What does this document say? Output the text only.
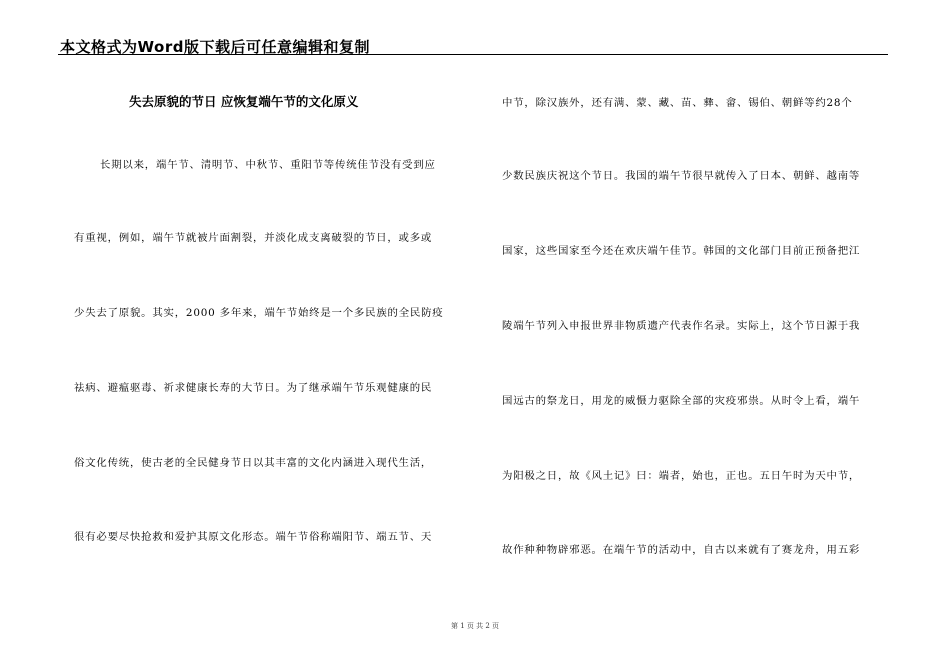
本文格式为Word版下载后可任意编辑和复制
失去原貌的节日 应恢复端午节的文化原义
长期以来，端午节、清明节、中秋节、重阳节等传统佳节没有受到应
有重视，例如，端午节就被片面割裂，并淡化成支离破裂的节日，或多或
少失去了原貌。其实，2000 多年来，端午节始终是一个多民族的全民防疫
祛病、避瘟驱毒、祈求健康长寿的大节日。为了继承端午节乐观健康的民
俗文化传统，使古老的全民健身节日以其丰富的文化内涵进入现代生活，
很有必要尽快抢救和爱护其原文化形态。端午节俗称端阳节、端五节、天
中节，除汉族外，还有满、蒙、藏、苗、彝、畲、锡伯、朝鲜等约28个
少数民族庆祝这个节日。我国的端午节很早就传入了日本、朝鲜、越南等
国家，这些国家至今还在欢庆端午佳节。韩国的文化部门目前正预备把江
陵端午节列入申报世界非物质遗产代表作名录。实际上，这个节日源于我
国远古的祭龙日，用龙的威慑力驱除全部的灾疫邪祟。从时令上看，端午
为阳极之日，故《风土记》曰：端者，始也，正也。五日午时为天中节，
故作种种物辟邪恶。在端午节的活动中，自古以来就有了赛龙舟，用五彩
第 1 页 共 2 页
